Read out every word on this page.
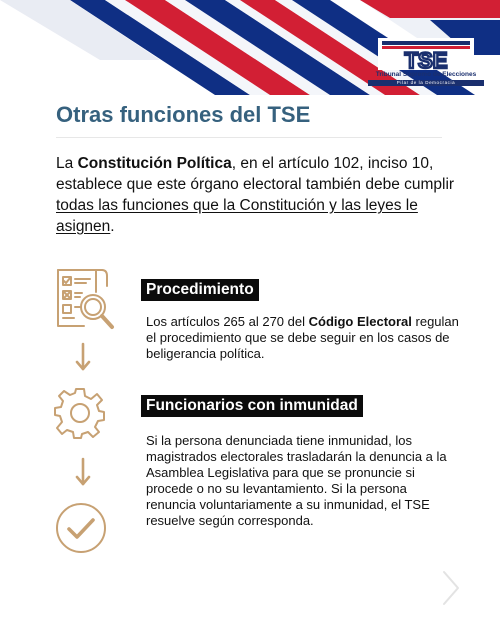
TSE
Tribunal Supremo de Elecciones
Pilar de la Democracia
Otras funciones del TSE
La Constitución Política, en el artículo 102, inciso 10, establece que este órgano electoral también debe cumplir todas las funciones que la Constitución y las leyes le asignen.
Procedimiento
Los artículos 265 al 270 del Código Electoral regulan el procedimiento que se debe seguir en los casos de beligerancia política.
Funcionarios con inmunidad
Si la persona denunciada tiene inmunidad, los magistrados electorales trasladarán la denuncia a la Asamblea Legislativa para que se pronuncie si procede o no su levantamiento. Si la persona renuncia voluntariamente a su inmunidad, el TSE resuelve según corresponda.
